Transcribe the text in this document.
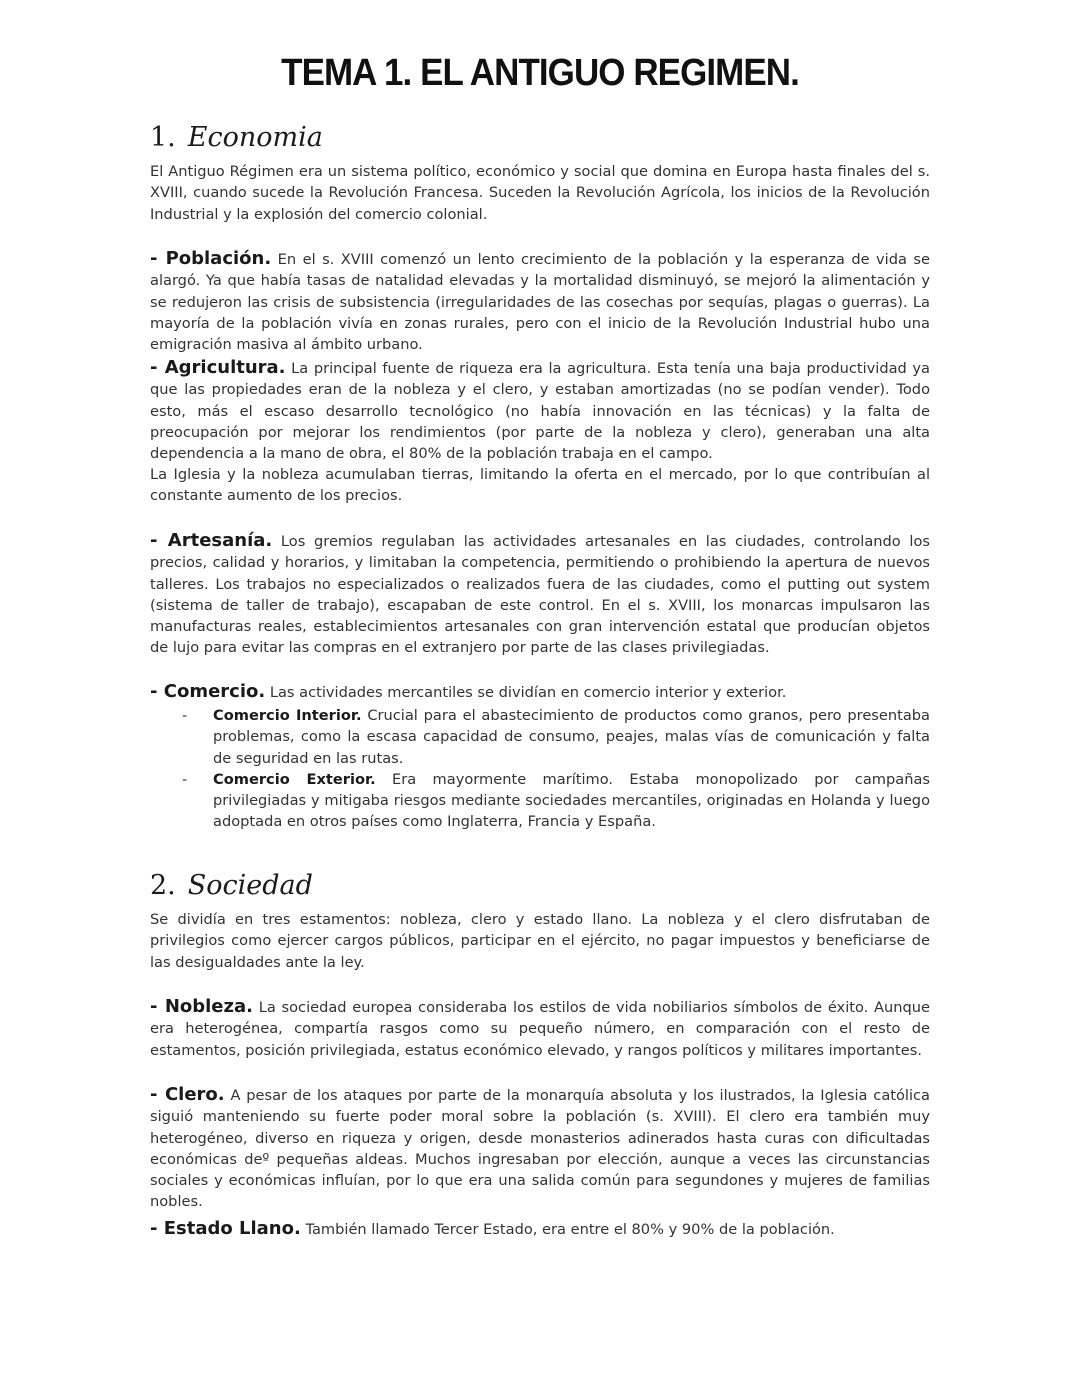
TEMA 1. EL ANTIGUO REGIMEN.
1. Economia

El Antiguo Régimen era un sistema político, económico y social que domina en Europa hasta finales del s. XVIII, cuando sucede la Revolución Francesa. Suceden la Revolución Agrícola, los inicios de la Revolución Industrial y la explosión del comercio colonial.

- Población. En el s. XVIII comenzó un lento crecimiento de la población y la esperanza de vida se alargó. Ya que había tasas de natalidad elevadas y la mortalidad disminuyó, se mejoró la alimentación y se redujeron las crisis de subsistencia (irregularidades de las cosechas por sequías, plagas o guerras). La mayoría de la población vivía en zonas rurales, pero con el inicio de la Revolución Industrial hubo una emigración masiva al ámbito urbano.

- Agricultura. La principal fuente de riqueza era la agricultura. Esta tenía una baja productividad ya que las propiedades eran de la nobleza y el clero, y estaban amortizadas (no se podían vender). Todo esto, más el escaso desarrollo tecnológico (no había innovación en las técnicas) y la falta de preocupación por mejorar los rendimientos (por parte de la nobleza y clero), generaban una alta dependencia a la mano de obra, el 80% de la población trabaja en el campo.

La Iglesia y la nobleza acumulaban tierras, limitando la oferta en el mercado, por lo que contribuían al constante aumento de los precios.

- Artesanía. Los gremios regulaban las actividades artesanales en las ciudades, controlando los precios, calidad y horarios, y limitaban la competencia, permitiendo o prohibiendo la apertura de nuevos talleres. Los trabajos no especializados o realizados fuera de las ciudades, como el putting out system (sistema de taller de trabajo), escapaban de este control. En el s. XVIII, los monarcas impulsaron las manufacturas reales, establecimientos artesanales con gran intervención estatal que producían objetos de lujo para evitar las compras en el extranjero por parte de las clases privilegiadas.

- Comercio. Las actividades mercantiles se dividían en comercio interior y exterior.

- Comercio Interior. Crucial para el abastecimiento de productos como granos, pero presentaba problemas, como la escasa capacidad de consumo, peajes, malas vías de comunicación y falta de seguridad en las rutas.
- Comercio Exterior. Era mayormente marítimo. Estaba monopolizado por campañas privilegiadas y mitigaba riesgos mediante sociedades mercantiles, originadas en Holanda y luego adoptada en otros países como Inglaterra, Francia y España.
2. Sociedad

Se dividía en tres estamentos: nobleza, clero y estado llano. La nobleza y el clero disfrutaban de privilegios como ejercer cargos públicos, participar en el ejército, no pagar impuestos y beneficiarse de las desigualdades ante la ley.

- Nobleza. La sociedad europea consideraba los estilos de vida nobiliarios símbolos de éxito. Aunque era heterogénea, compartía rasgos como su pequeño número, en comparación con el resto de estamentos, posición privilegiada, estatus económico elevado, y rangos políticos y militares importantes.

- Clero. A pesar de los ataques por parte de la monarquía absoluta y los ilustrados, la Iglesia católica siguió manteniendo su fuerte poder moral sobre la población (s. XVIII). El clero era también muy heterogéneo, diverso en riqueza y origen, desde monasterios adinerados hasta curas con dificultadas económicas deº pequeñas aldeas. Muchos ingresaban por elección, aunque a veces las circunstancias sociales y económicas influían, por lo que era una salida común para segundones y mujeres de familias nobles.

- Estado Llano. También llamado Tercer Estado, era entre el 80% y 90% de la población.
